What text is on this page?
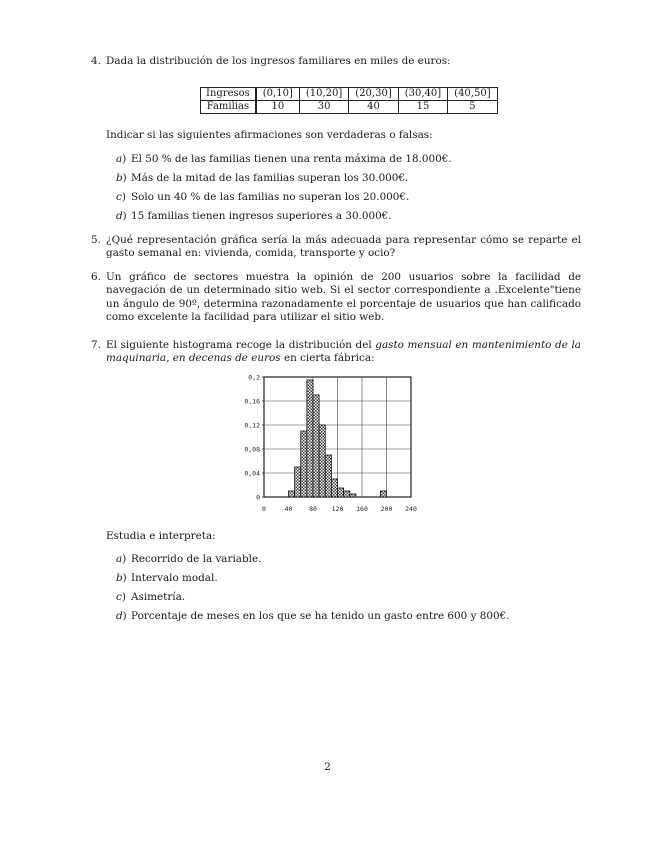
4. Dada la distribución de los ingresos familiares en miles de euros:
Ingresos	(0,10]	(10,20]	(20,30]	(30,40]	(40,50]
Familias	10	30	40	15	5
Indicar si las siguientes afirmaciones son verdaderas o falsas:
a) El 50 % de las familias tienen una renta máxima de 18.000€.
b) Más de la mitad de las familias superan los 30.000€.
c) Solo un 40 % de las familias no superan los 20.000€.
d) 15 familias tienen ingresos superiores a 30.000€.
5. ¿Qué representación gráfica sería la más adecuada para representar cómo se reparte el gasto semanal en: vivienda, comida, transporte y ocio?
6. Un gráfico de sectores muestra la opinión de 200 usuarios sobre la facilidad de navegación de un determinado sitio web. Si el sector correspondiente a .Excelente"tiene un ángulo de 90º, determina razonadamente el porcentaje de usuarios que han calificado como excelente la facilidad para utilizar el sitio web.
7. El siguiente histograma recoge la distribución del gasto mensual en mantenimiento de la maquinaria, en decenas de euros en cierta fábrica:
0
0,04
0,08
0,12
0,16
0,2
0	40	80 120 160 200 240
Estudia e interpreta:
a) Recorrido de la variable.
b) Intervalo modal.
c) Asimetría.
d) Porcentaje de meses en los que se ha tenido un gasto entre 600 y 800€.
2
